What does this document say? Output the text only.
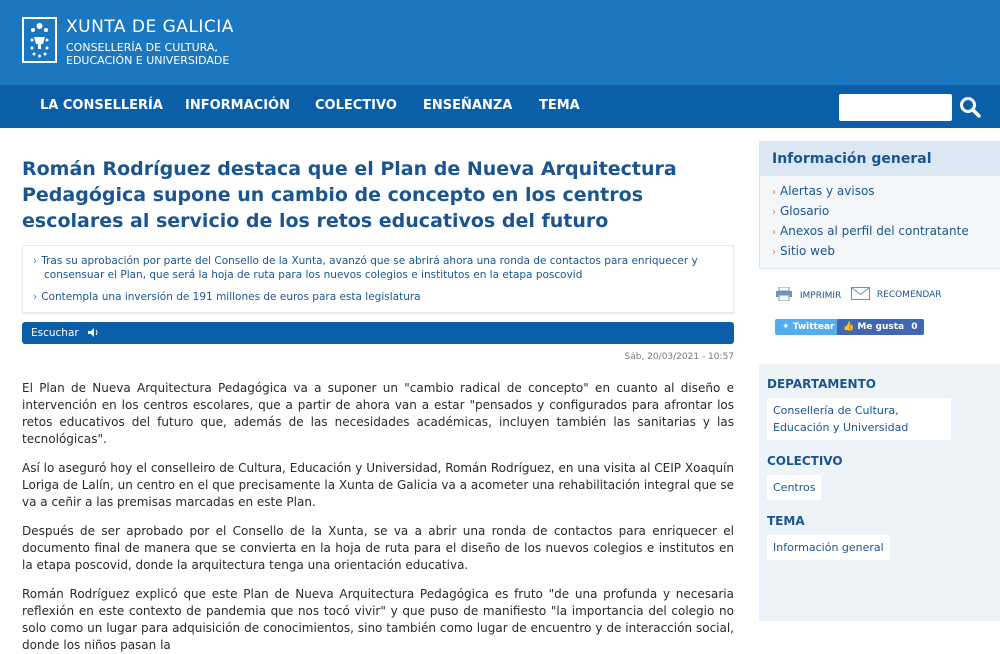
XUNTA DE GALICIA
CONSELLERÍA DE CULTURA,
EDUCACIÓN E UNIVERSIDADE
LA CONSELLERÍA INFORMACIÓN COLECTIVO ENSEÑANZA TEMA
Román Rodríguez destaca que el Plan de Nueva Arquitectura Pedagógica supone un cambio de concepto en los centros escolares al servicio de los retos educativos del futuro

› Tras su aprobación por parte del Consello de la Xunta, avanzó que se abrirá ahora una ronda de contactos para enriquecer y consensuar el Plan, que será la hoja de ruta para los nuevos colegios e institutos en la etapa poscovid

› Contempla una inversión de 191 millones de euros para esta legislatura

Escuchar
Sáb, 20/03/2021 - 10:57

El Plan de Nueva Arquitectura Pedagógica va a suponer un "cambio radical de concepto" en cuanto al diseño e intervención en los centros escolares, que a partir de ahora van a estar "pensados y configurados para afrontar los retos educativos del futuro que, además de las necesidades académicas, incluyen también las sanitarias y las tecnológicas".

Así lo aseguró hoy el conselleiro de Cultura, Educación y Universidad, Román Rodríguez, en una visita al CEIP Xoaquín Loriga de Lalín, un centro en el que precisamente la Xunta de Galicia va a acometer una rehabilitación integral que se va a ceñir a las premisas marcadas en este Plan.

Después de ser aprobado por el Consello de la Xunta, se va a abrir una ronda de contactos para enriquecer el documento final de manera que se convierta en la hoja de ruta para el diseño de los nuevos colegios e institutos en la etapa poscovid, donde la arquitectura tenga una orientación educativa.

Román Rodríguez explicó que este Plan de Nueva Arquitectura Pedagógica es fruto "de una profunda y necesaria reflexión en este contexto de pandemia que nos tocó vivir" y que puso de manifiesto "la importancia del colegio no solo como un lugar para adquisición de conocimientos, sino también como lugar de encuentro y de interacción social, donde los niños pasan la

Información general
› Alertas y avisos
› Glosario
› Anexos al perfil del contratante
› Sitio web
IMPRIMIR	RECOMENDAR
✦ Twittear 👍 Me gusta 0
DEPARTAMENTO
Consellería de Cultura, Educación y Universidad
COLECTIVO
Centros
TEMA
Información general
